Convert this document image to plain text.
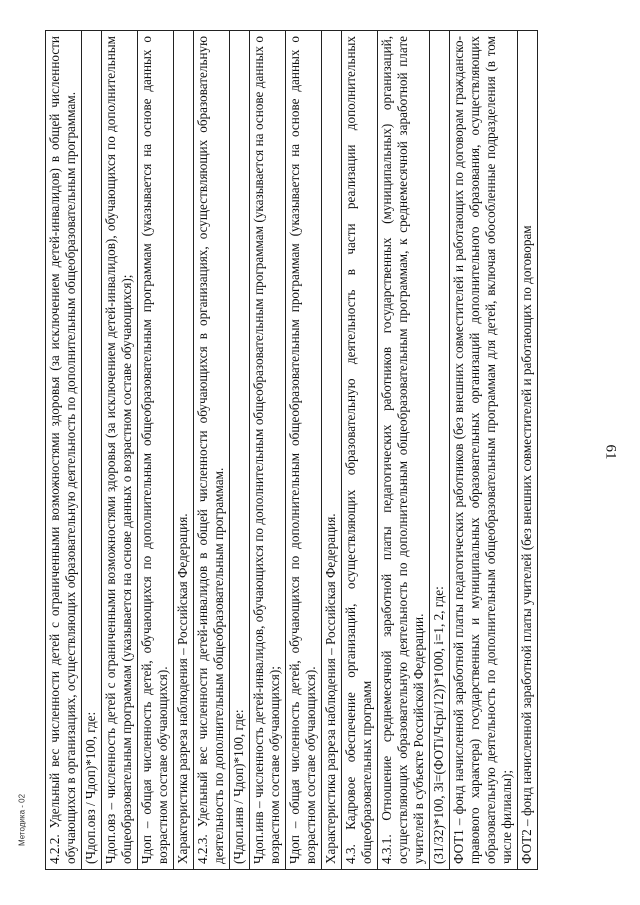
61
4.2.2. Удельный вес численности детей с ограниченными возможностями здоровья (за исключением детей-инвалидов) в общей численности обучающихся в организациях, осуществляющих образовательную деятельность по дополнительным общеобразовательным программам.

(Чдоп.овз / Чдоп)*100, где:

Чдоп.овз – численность детей с ограниченными возможностями здоровья (за исключением детей-инвалидов), обучающихся по дополнительным общеобразовательным программам (указывается на основе данных о возрастном составе обучающихся);

Чдоп – общая численность детей, обучающихся по дополнительным общеобразовательным программам (указывается на основе данных о возрастном составе обучающихся).

Характеристика разреза наблюдения – Российская Федерация.

4.2.3. Удельный вес численности детей-инвалидов в общей численности обучающихся в организациях, осуществляющих образовательную деятельность по дополнительным общеобразовательным программам.

(Чдоп.инв / Чдоп)*100, где:

Чдоп.инв – численность детей-инвалидов, обучающихся по дополнительным общеобразовательным программам (указывается на основе данных о возрастном составе обучающихся);

Чдоп – общая численность детей, обучающихся по дополнительным общеобразовательным программам (указывается на основе данных о возрастном составе обучающихся).

Характеристика разреза наблюдения – Российская Федерация.

4.3. Кадровое обеспечение организаций, осуществляющих образовательную деятельность в части реализации дополнительных общеобразовательных программ

4.3.1. Отношение среднемесячной заработной платы педагогических работников государственных (муниципальных) организаций, осуществляющих образовательную деятельность по дополнительным общеобразовательным программам, к среднемесячной заработной плате учителей в субъекте Российской Федерации.

(З1/З2)*100, Зi=(ФОТi/Чсрi/12))*1000, i=1, 2, где:

ФОТ1 – фонд начисленной заработной платы педагогических работников (без внешних совместителей и работающих по договорам гражданско-правового характера) государственных и муниципальных образовательных организаций дополнительного образования, осуществляющих образовательную деятельность по дополнительным общеобразовательным программам для детей, включая обособленные подразделения (в том числе филиалы);

ФОТ2 – фонд начисленной заработной платы учителей (без внешних совместителей и работающих по договорам
Методика - 02
